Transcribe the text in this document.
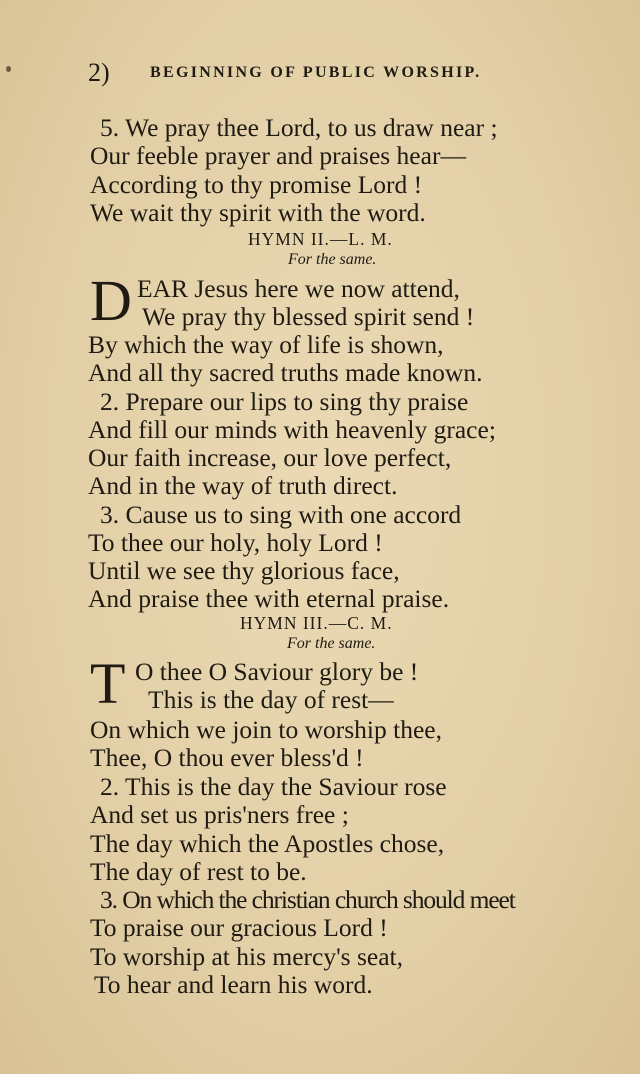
2)	BEGINNING OF PUBLIC WORSHIP.
5. We pray thee Lord, to us draw near ;
Our feeble prayer and praises hear—
According to thy promise Lord !
We wait thy spirit with the word.
HYMN II.—L. M.
For the same.
D EAR Jesus here we now attend,
We pray thy blessed spirit send !
By which the way of life is shown,
And all thy sacred truths made known.
2. Prepare our lips to sing thy praise
And fill our minds with heavenly grace;
Our faith increase, our love perfect,
And in the way of truth direct.
3. Cause us to sing with one accord
To thee our holy, holy Lord !
Until we see thy glorious face,
And praise thee with eternal praise.
HYMN III.—C. M.
For the same.
T O thee O Saviour glory be !
This is the day of rest—
On which we join to worship thee,
Thee, O thou ever bless'd !
2. This is the day the Saviour rose
And set us pris'ners free ;
The day which the Apostles chose,
The day of rest to be.
3. On which the christian church should meet
To praise our gracious Lord !
To worship at his mercy's seat,
To hear and learn his word.
